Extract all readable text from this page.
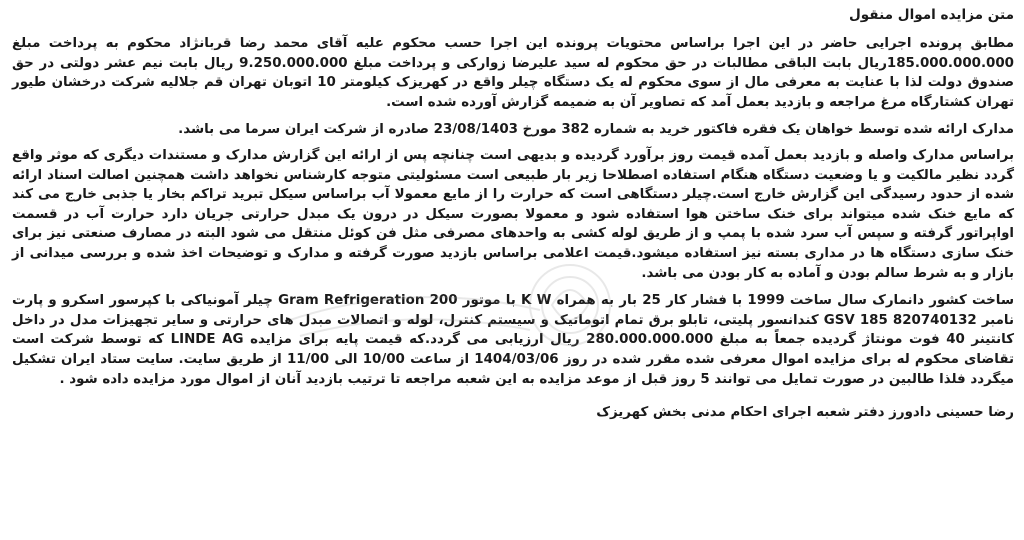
متن مزایده اموال منقول
مطابق پرونده اجرایی حاضر در این اجرا براساس محتویات پرونده این اجرا حسب محکوم علیه آقای محمد رضا قربانژاد محکوم به پرداخت مبلغ 185.000.000.000ریال بابت الباقی مطالبات در حق محکوم له سید علیرضا زوارکی و پرداخت مبلغ 9.250.000.000 ریال بابت نیم عشر دولتی در حق صندوق دولت لذا با عنایت به معرفی مال از سوی محکوم له یک دستگاه چیلر واقع در کهریزک کیلومتر 10 اتوبان تهران قم جلالیه شرکت درخشان طیور تهران کشتارگاه مرغ مراجعه و بازدید بعمل آمد که تصاویر آن به ضمیمه گزارش آورده شده است.
مدارک ارائه شده توسط خواهان یک فقره فاکتور خرید به شماره 382 مورخ 23/08/1403 صادره از شرکت ایران سرما می باشد.
براساس مدارک واصله و بازدید بعمل آمده قیمت روز برآورد گردیده و بدیهی است چنانچه پس از ارائه این گزارش مدارک و مستندات دیگری که موثر واقع گردد نظیر مالکیت و یا وضعیت دستگاه هنگام استفاده اصطلاحا زیر بار طبیعی است مسئولیتی متوجه کارشناس نخواهد داشت همچنین اصالت اسناد ارائه شده از حدود رسیدگی این گزارش خارج است.چیلر دستگاهی است که حرارت را از مایع معمولا آب براساس سیکل تبرید تراکم بخار یا جذبی خارج می کند که مایع خنک شده میتواند برای خنک ساختن هوا استفاده شود و معمولا بصورت سیکل در درون یک مبدل حرارتی جریان دارد حرارت آب در قسمت اواپراتور گرفته و سپس آب سرد شده با پمپ و از طریق لوله کشی به واحدهای مصرفی مثل فن کوئل منتقل می شود البته در مصارف صنعتی نیز برای خنک سازی دستگاه ها در مداری بسته نیز استفاده میشود.قیمت اعلامی براساس بازدید صورت گرفته و مدارک و توضیحات اخذ شده و بررسی میدانی از بازار و به شرط سالم بودن و آماده به کار بودن می باشد.
ساخت کشور دانمارک سال ساخت 1999 با فشار کار 25 بار به همراه K W با موتور 200 Gram Refrigeration چیلر آمونیاکی با کپرسور اسکرو و پارت نامبر 820740132 GSV 185 کندانسور پلیتی، تابلو برق تمام اتوماتیک و سیستم کنترل، لوله و اتصالات مبدل های حرارتی و سایر تجهیزات مدل در داخل کانتینر 40 فوت مونتاژ گردیده جمعاً به مبلغ 280.000.000.000 ریال ارزیابی می گردد.که قیمت پایه برای مزایده LINDE AG که توسط شرکت است تقاضای محکوم له برای مزایده اموال معرفی شده مقرر شده در روز 1404/03/06 از ساعت 10/00 الی 11/00 از طریق سایت. سایت ستاد ایران تشکیل میگردد فلذا طالبین در صورت تمایل می توانند 5 روز قبل از موعد مزایده به این شعبه مراجعه تا ترتیب بازدید آنان از اموال مورد مزایده داده شود .
رضا حسینی دادورز دفتر شعبه اجرای احکام مدنی بخش کهریزک
